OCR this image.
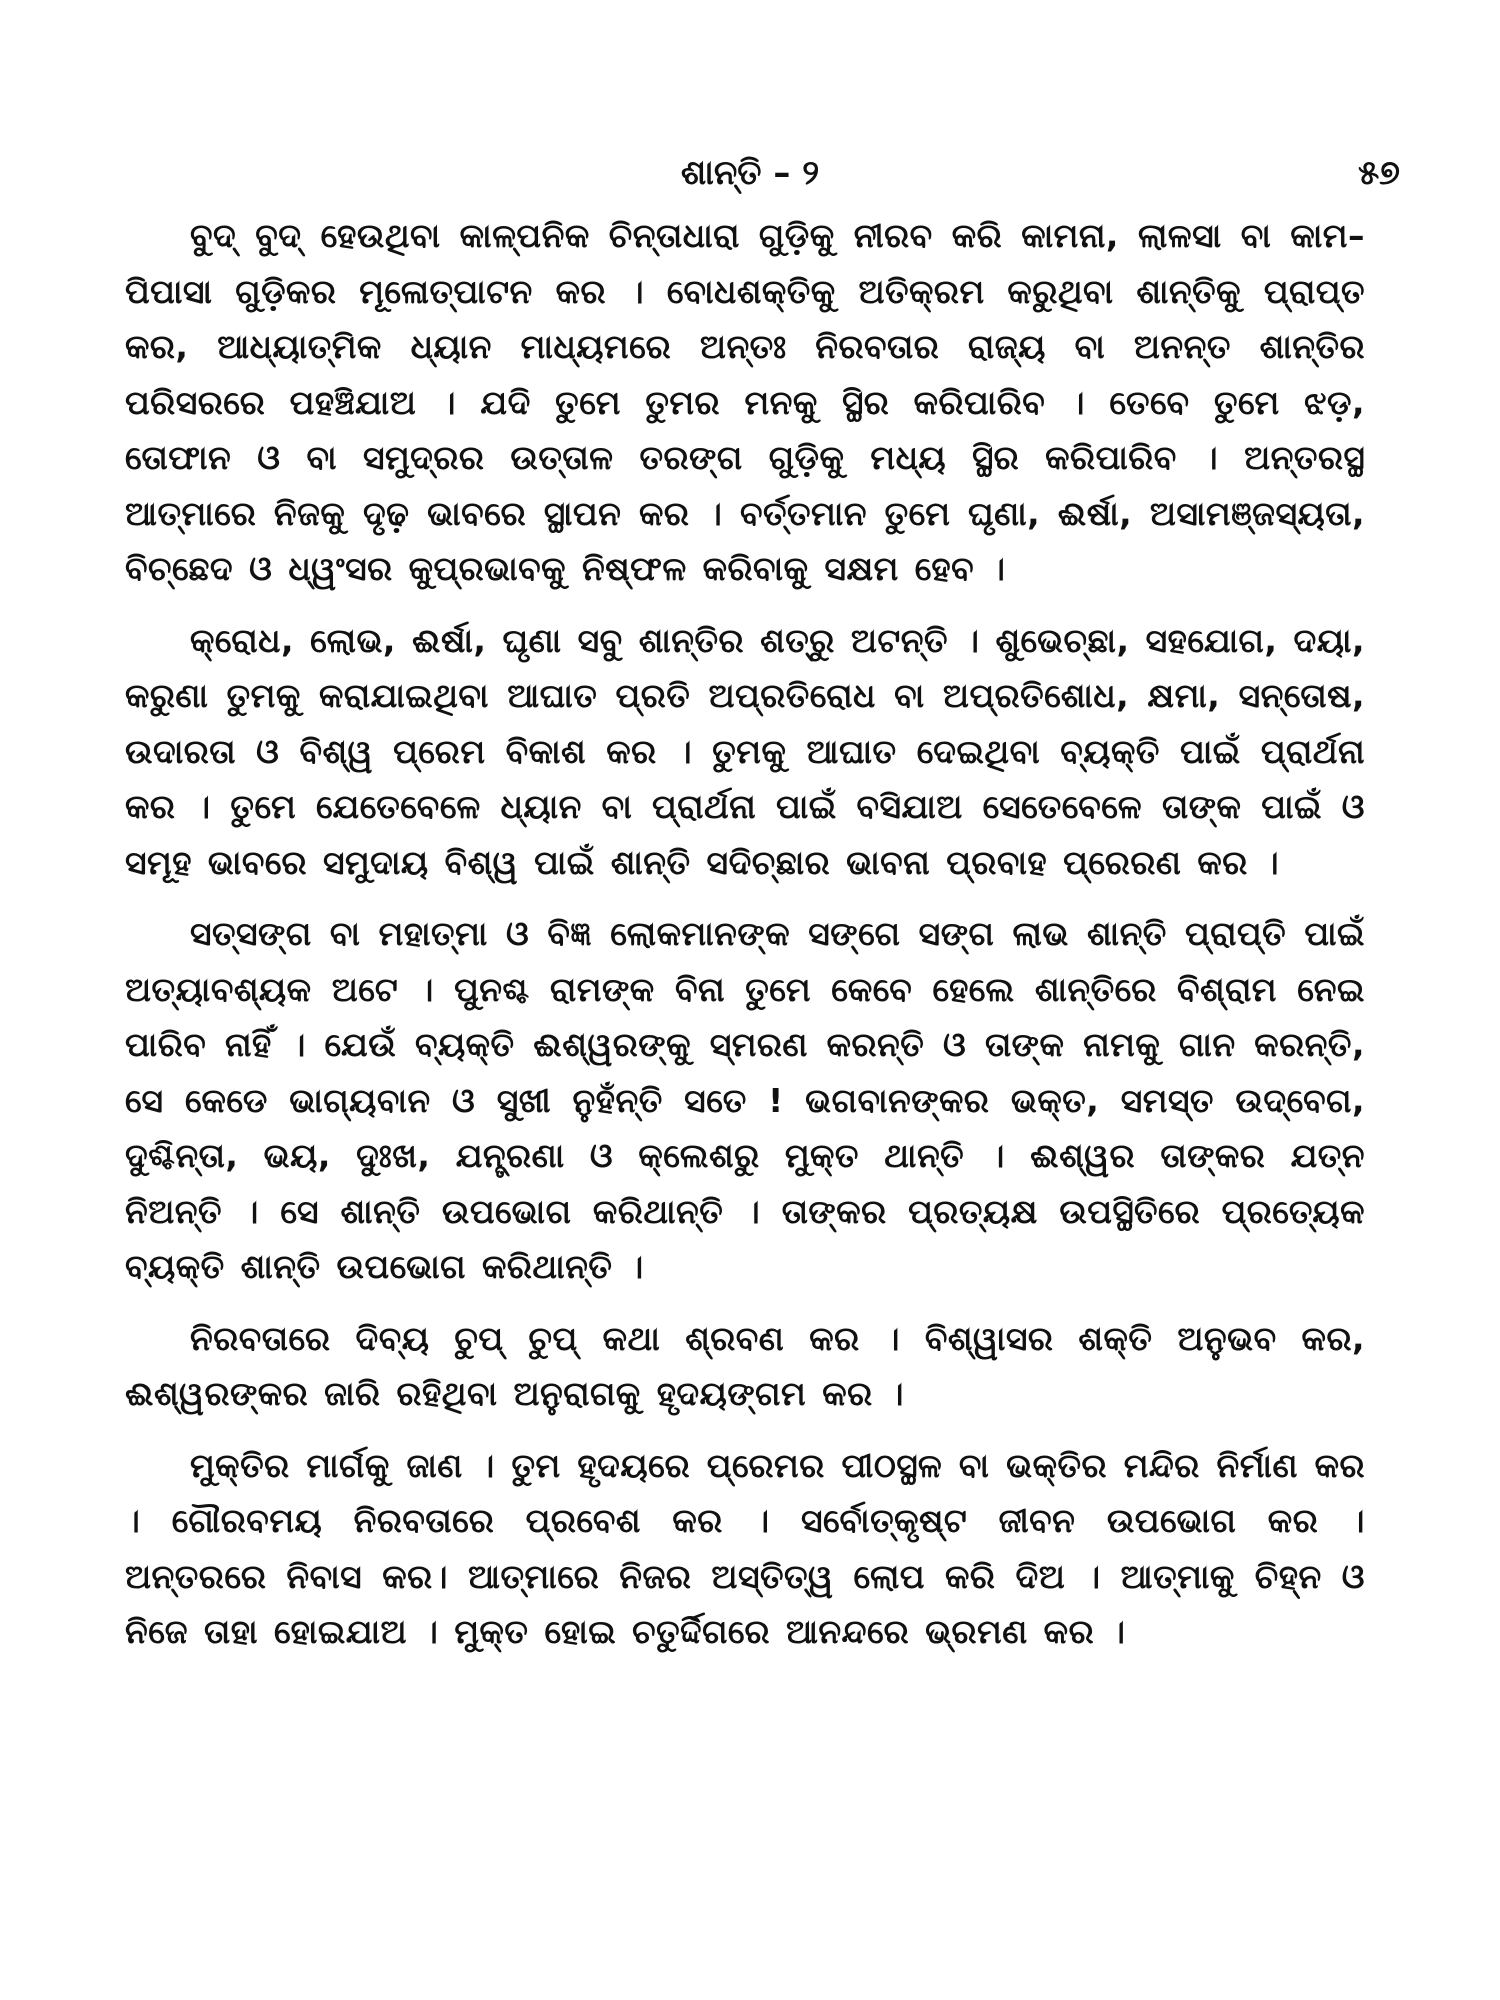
ଶାନ୍ତି – ୨	୫୭

ବୁଦ୍ ବୁଦ୍ ହେଉଥିବା କାଳ୍ପନିକ ଚିନ୍ତାଧାରା ଗୁଡ଼ିକୁ ନୀରବ କରି କାମନା, ଲାଳସା ବା କାମ–ପିପାସା ଗୁଡ଼ିକର ମୂଳୋତ୍ପାଟନ କର । ବୋଧଶକ୍ତିକୁ ଅତିକ୍ରମ କରୁଥିବା ଶାନ୍ତିକୁ ପ୍ରାପ୍ତ କର, ଆଧ୍ୟାତ୍ମିକ ଧ୍ୟାନ ମାଧ୍ୟମରେ ଅନ୍ତଃ ନିରବତାର ରାଜ୍ୟ ବା ଅନନ୍ତ ଶାନ୍ତିର ପରିସରରେ ପହଞ୍ଚିଯାଅ । ଯଦି ତୁମେ ତୁମର ମନକୁ ସ୍ଥିର କରିପାରିବ । ତେବେ ତୁମେ ଝଡ଼, ତୋଫାନ ଓ ବା ସମୁଦ୍ରର ଉତ୍ତାଳ ତରଙ୍ଗ ଗୁଡ଼ିକୁ ମଧ୍ୟ ସ୍ଥିର କରିପାରିବ । ଅନ୍ତରସ୍ଥ ଆତ୍ମାରେ ନିଜକୁ ଦୃଢ଼ ଭାବରେ ସ୍ଥାପନ କର । ବର୍ତ୍ତମାନ ତୁମେ ଘୃଣା, ଈର୍ଷା, ଅସାମଞ୍ଜସ୍ୟତା, ବିଚ୍ଛେଦ ଓ ଧ୍ୱଂସର କୁପ୍ରଭାବକୁ ନିଷ୍ଫଳ କରିବାକୁ ସକ୍ଷମ ହେବ ।

କ୍ରୋଧ, ଲୋଭ, ଈର୍ଷା, ଘୃଣା ସବୁ ଶାନ୍ତିର ଶତ୍ରୁ ଅଟନ୍ତି । ଶୁଭେଚ୍ଛା, ସହଯୋଗ, ଦୟା, କରୁଣା ତୁମକୁ କରାଯାଇଥିବା ଆଘାତ ପ୍ରତି ଅପ୍ରତିରୋଧ ବା ଅପ୍ରତିଶୋଧ, କ୍ଷମା, ସନ୍ତୋଷ, ଉଦାରତା ଓ ବିଶ୍ୱ ପ୍ରେମ ବିକାଶ କର । ତୁମକୁ ଆଘାତ ଦେଇଥିବା ବ୍ୟକ୍ତି ପାଇଁ ପ୍ରାର୍ଥନା କର । ତୁମେ ଯେତେବେଳେ ଧ୍ୟାନ ବା ପ୍ରାର୍ଥନା ପାଇଁ ବସିଯାଅ ସେତେବେଳେ ତାଙ୍କ ପାଇଁ ଓ ସମୂହ ଭାବରେ ସମୁଦାୟ ବିଶ୍ୱ ପାଇଁ ଶାନ୍ତି ସଦିଚ୍ଛାର ଭାବନା ପ୍ରବାହ ପ୍ରେରଣ କର ।

ସତ୍ସଙ୍ଗ ବା ମହାତ୍ମା ଓ ବିଜ୍ଞ ଲୋକମାନଙ୍କ ସଙ୍ଗେ ସଙ୍ଗ ଲାଭ ଶାନ୍ତି ପ୍ରାପ୍ତି ପାଇଁ ଅତ୍ୟାବଶ୍ୟକ ଅଟେ । ପୁନଶ୍ଚ ରାମଙ୍କ ବିନା ତୁମେ କେବେ ହେଲେ ଶାନ୍ତିରେ ବିଶ୍ରାମ ନେଇ ପାରିବ ନାହିଁ । ଯେଉଁ ବ୍ୟକ୍ତି ଈଶ୍ୱରଙ୍କୁ ସ୍ମରଣ କରନ୍ତି ଓ ତାଙ୍କ ନାମକୁ ଗାନ କରନ୍ତି, ସେ କେଡେ ଭାଗ୍ୟବାନ ଓ ସୁଖୀ ନୁହଁନ୍ତି ସତେ ! ଭଗବାନଙ୍କର ଭକ୍ତ, ସମସ୍ତ ଉଦ୍‌ବେଗ, ଦୁଶ୍ଚିନ୍ତା, ଭୟ, ଦୁଃଖ, ଯନ୍ତ୍ରଣା ଓ କ୍ଲେଶରୁ ମୁକ୍ତ ଥାନ୍ତି । ଈଶ୍ୱର ତାଙ୍କର ଯତ୍ନ ନିଅନ୍ତି । ସେ ଶାନ୍ତି ଉପଭୋଗ କରିଥାନ୍ତି । ତାଙ୍କର ପ୍ରତ୍ୟକ୍ଷ ଉପସ୍ଥିତିରେ ପ୍ରତ୍ୟେକ ବ୍ୟକ୍ତି ଶାନ୍ତି ଉପଭୋଗ କରିଥାନ୍ତି ।

ନିରବତାରେ ଦିବ୍ୟ ଚୁପ୍ ଚୁପ୍ କଥା ଶ୍ରବଣ କର । ବିଶ୍ୱାସର ଶକ୍ତି ଅନୁଭବ କର, ଈଶ୍ୱରଙ୍କର ଜାରି ରହିଥିବା ଅନୁରାଗକୁ ହୃଦୟଙ୍ଗମ କର ।

ମୁକ୍ତିର ମାର୍ଗକୁ ଜାଣ । ତୁମ ହୃଦୟରେ ପ୍ରେମର ପୀଠସ୍ଥଳ ବା ଭକ୍ତିର ମନ୍ଦିର ନିର୍ମାଣ କର । ଗୌରବମୟ ନିରବତାରେ ପ୍ରବେଶ କର । ସର୍ବୋତ୍କୃଷ୍ଟ ଜୀବନ ଉପଭୋଗ କର । ଅନ୍ତରରେ ନିବାସ କର। ଆତ୍ମାରେ ନିଜର ଅସ୍ତିତ୍ୱ ଲୋପ କରି ଦିଅ । ଆତ୍ମାକୁ ଚିହ୍ନ ଓ ନିଜେ ତାହା ହୋଇଯାଅ । ମୁକ୍ତ ହୋଇ ଚତୁର୍ଦ୍ଦିଗରେ ଆନନ୍ଦରେ ଭ୍ରମଣ କର ।
